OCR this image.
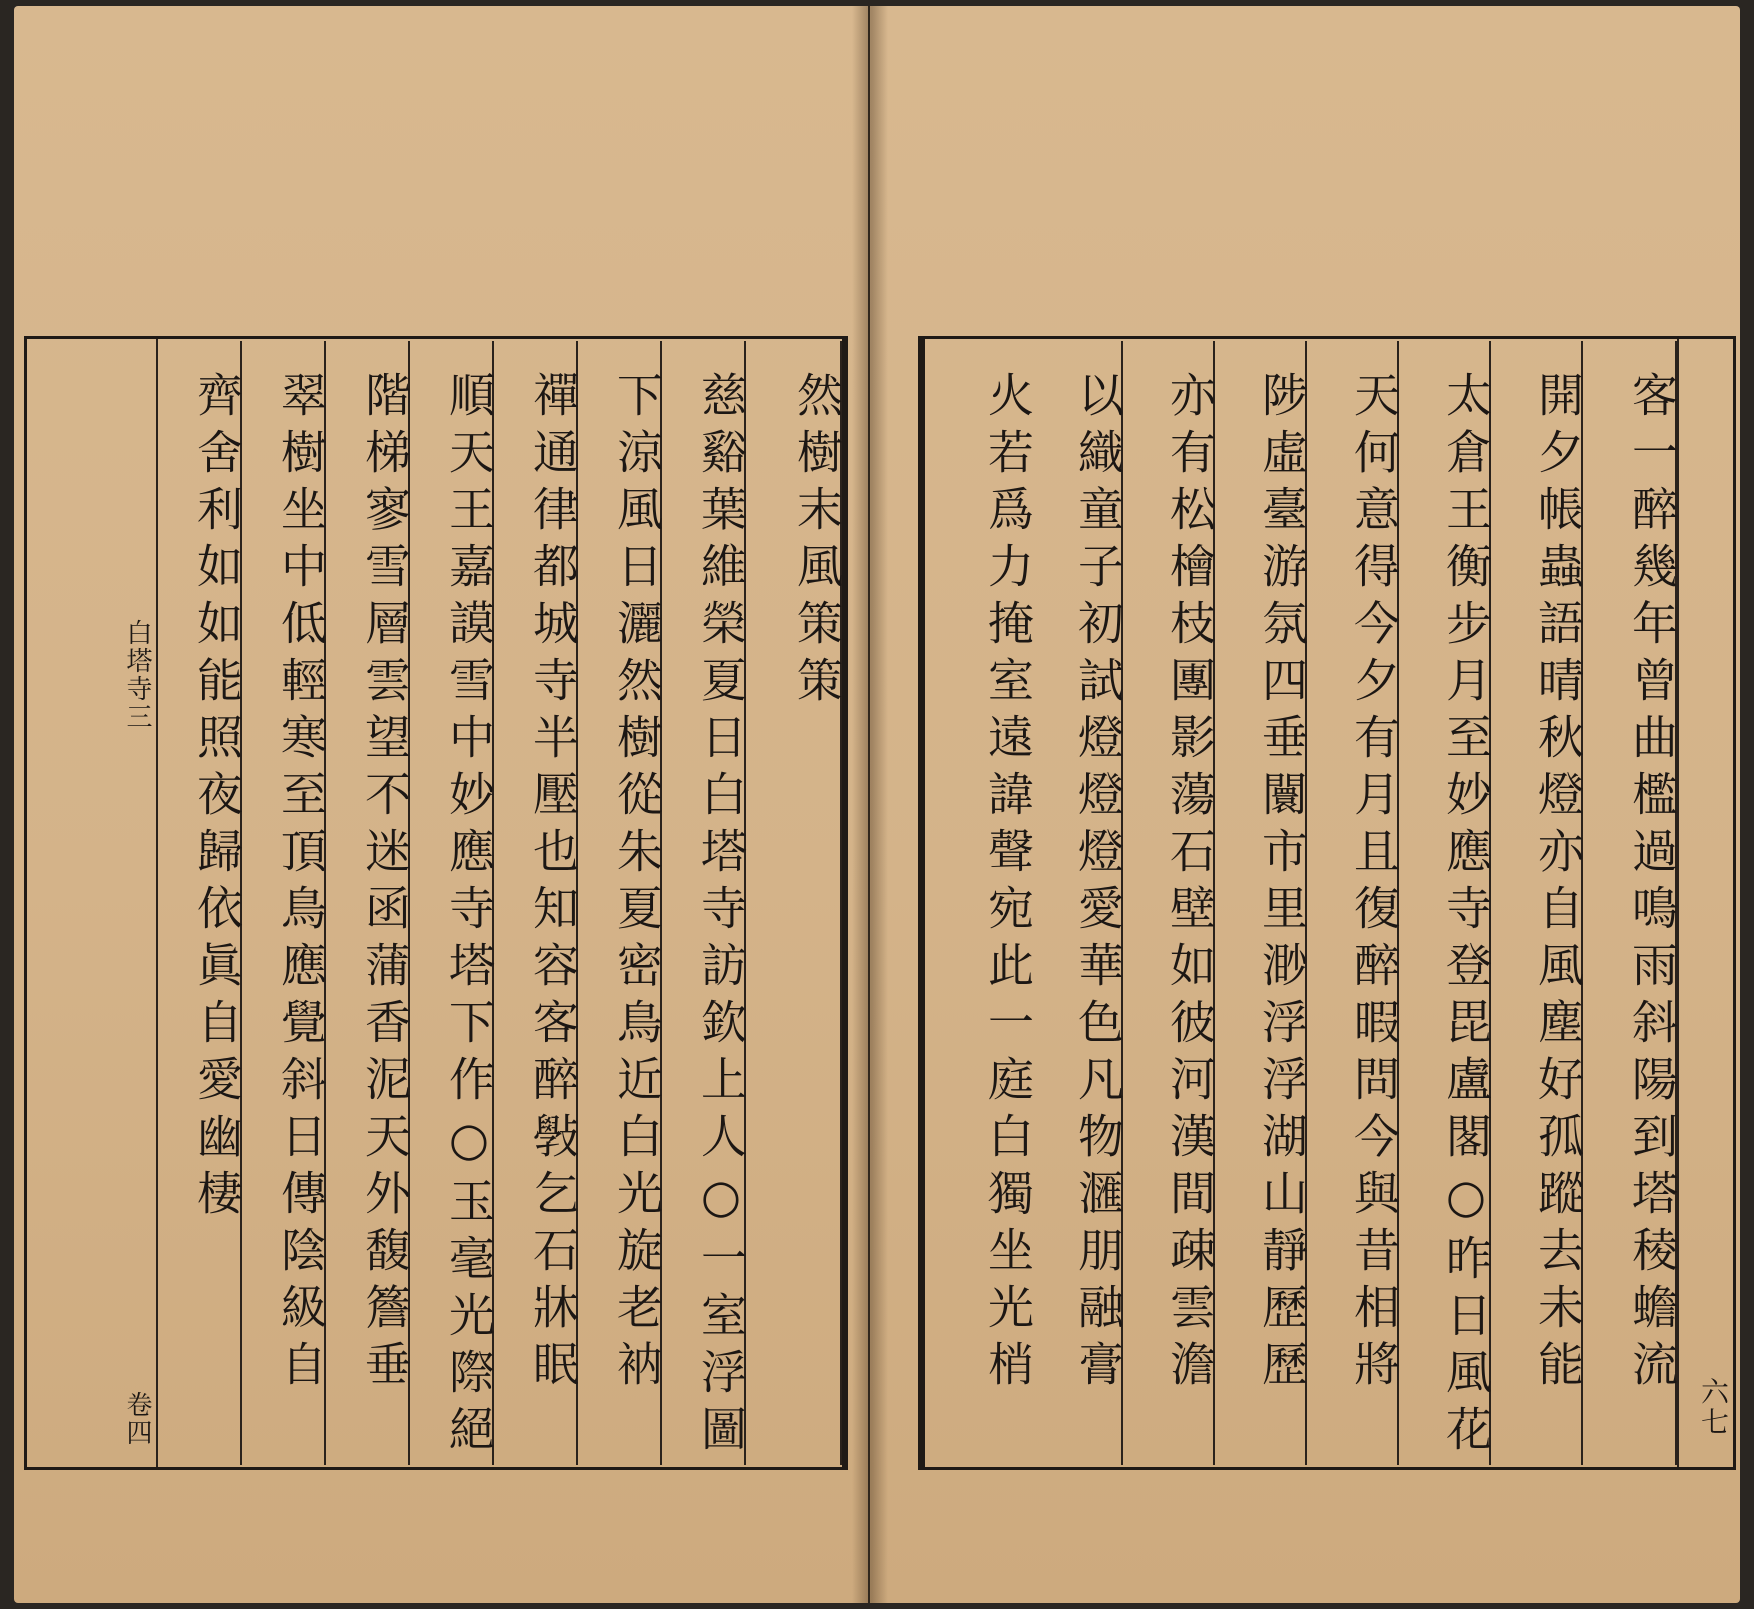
然樹末風策策
慈谿葉維榮夏日白塔寺訪欽上人○一室浮圖
下涼風日灑然樹從朱夏密鳥近白光旋老衲
禪通律都城寺半壓也知容客醉斅乞石牀眠
順天王嘉謨雪中妙應寺塔下作○玉毫光際絕
階梯寥雪層雲望不迷函蒲香泥天外馥簷垂
翠樹坐中低輕寒至頂鳥應覺斜日傳陰級自
齊舍利如如能照夜歸依眞自愛幽棲
白塔寺三
卷四	六七
客一醉幾年曾曲檻過鳴雨斜陽到塔稜蟾流
開夕帳蟲語晴秋燈亦自風塵好孤蹤去未能
太倉王衡步月至妙應寺登毘盧閣○昨日風花
天何意得今夕有月且復醉暇問今與昔相將
陟虛臺游氛四垂闤市里渺浮浮湖山靜歷歷
亦有松檜枝團影蕩石壁如彼河漢間疎雲澹
以織童子初試燈燈燈愛華色凡物𣿬朋融膏
火若爲力掩室遠諱聲宛此一庭白獨坐光梢
